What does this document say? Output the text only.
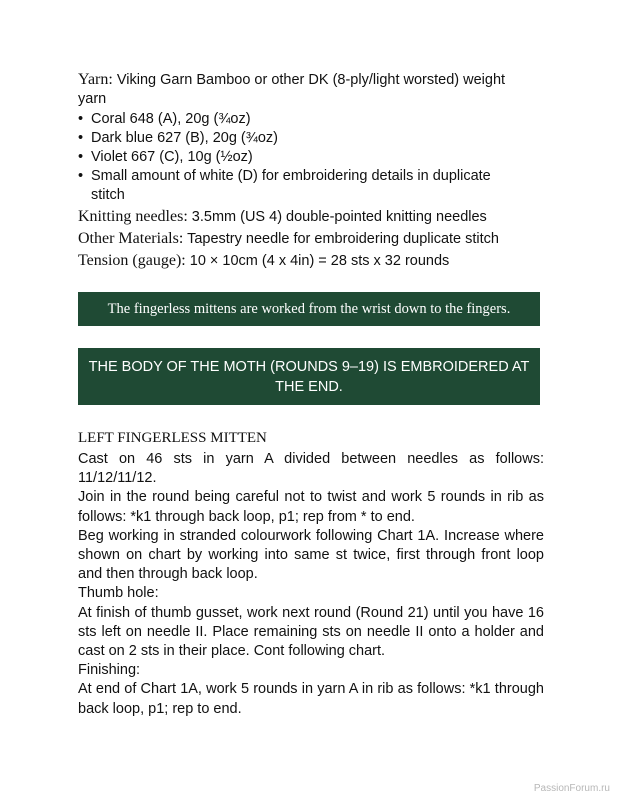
Yarn: Viking Garn Bamboo or other DK (8-ply/light worsted) weight

yarn

• Coral 648 (A), 20g (¾oz)
• Dark blue 627 (B), 20g (¾oz)
• Violet 667 (C), 10g (½oz)
• Small amount of white (D) for embroidering details in duplicate
stitch

Knitting needles: 3.5mm (US 4) double-pointed knitting needles

Other Materials: Tapestry needle for embroidering duplicate stitch

Tension (gauge): 10 × 10cm (4 x 4in) = 28 sts x 32 rounds

The fingerless mittens are worked from the wrist down to the fingers.
THE BODY OF THE MOTH (ROUNDS 9–19) IS EMBROIDERED AT THE END.
LEFT FINGERLESS MITTEN

Cast on 46 sts in yarn A divided between needles as follows: 11/12/11/12.

Join in the round being careful not to twist and work 5 rounds in rib as follows: *k1 through back loop, p1; rep from * to end.

Beg working in stranded colourwork following Chart 1A. Increase where shown on chart by working into same st twice, first through front loop and then through back loop.

Thumb hole:

At finish of thumb gusset, work next round (Round 21) until you have 16 sts left on needle II. Place remaining sts on needle II onto a holder and cast on 2 sts in their place. Cont following chart.

Finishing:

At end of Chart 1A, work 5 rounds in yarn A in rib as follows: *k1 through back loop, p1; rep to end.

PassionForum.ru
